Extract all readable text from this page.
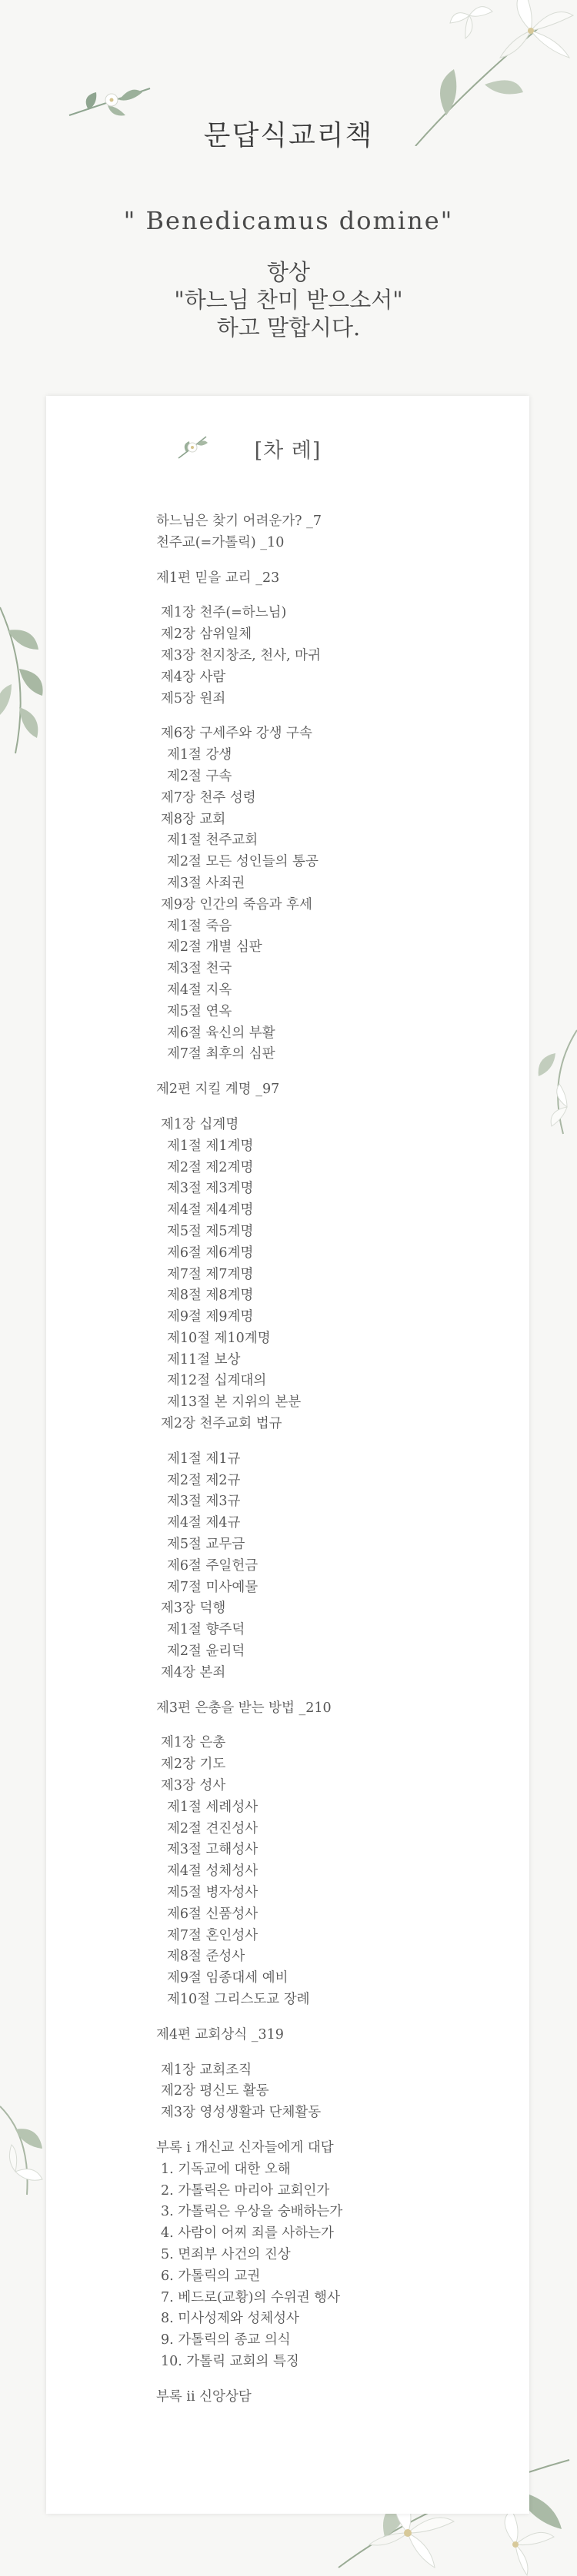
문답식교리책
" Benedicamus domine"
항상
"하느님 찬미 받으소서"
하고 말합시다.
[차 례]
하느님은 찾기 어려운가? _7
천주교(=가톨릭) _10
제1편 믿을 교리 _23
제1장 천주(=하느님)
제2장 삼위일체
제3장 천지창조, 천사, 마귀
제4장 사람
제5장 원죄
제6장 구세주와 강생 구속
제1절 강생
제2절 구속
제7장 천주 성령
제8장 교회
제1절 천주교회
제2절 모든 성인들의 통공
제3절 사죄권
제9장 인간의 죽음과 후세
제1절 죽음
제2절 개별 심판
제3절 천국
제4절 지옥
제5절 연옥
제6절 육신의 부활
제7절 최후의 심판
제2편 지킬 계명 _97
제1장 십계명
제1절 제1계명
제2절 제2계명
제3절 제3계명
제4절 제4계명
제5절 제5계명
제6절 제6계명
제7절 제7계명
제8절 제8계명
제9절 제9계명
제10절 제10계명
제11절 보상
제12절 십계대의
제13절 본 지위의 본분
제2장 천주교회 법규
제1절 제1규
제2절 제2규
제3절 제3규
제4절 제4규
제5절 교무금
제6절 주일헌금
제7절 미사예물
제3장 덕행
제1절 향주덕
제2절 윤리덕
제4장 본죄
제3편 은총을 받는 방법 _210
제1장 은총
제2장 기도
제3장 성사
제1절 세례성사
제2절 견진성사
제3절 고해성사
제4절 성체성사
제5절 병자성사
제6절 신품성사
제7절 혼인성사
제8절 준성사
제9절 임종대세 예비
제10절 그리스도교 장례
제4편 교회상식 _319
제1장 교회조직
제2장 평신도 활동
제3장 영성생활과 단체활동
부록 i 개신교 신자들에게 대답
1. 기독교에 대한 오해
2. 가톨릭은 마리아 교회인가
3. 가톨릭은 우상을 숭배하는가
4. 사람이 어찌 죄를 사하는가
5. 면죄부 사건의 진상
6. 가톨릭의 교권
7. 베드로(교황)의 수위권 행사
8. 미사성제와 성체성사
9. 가톨릭의 종교 의식
10. 가톨릭 교회의 특징
부록 ii 신앙상담
